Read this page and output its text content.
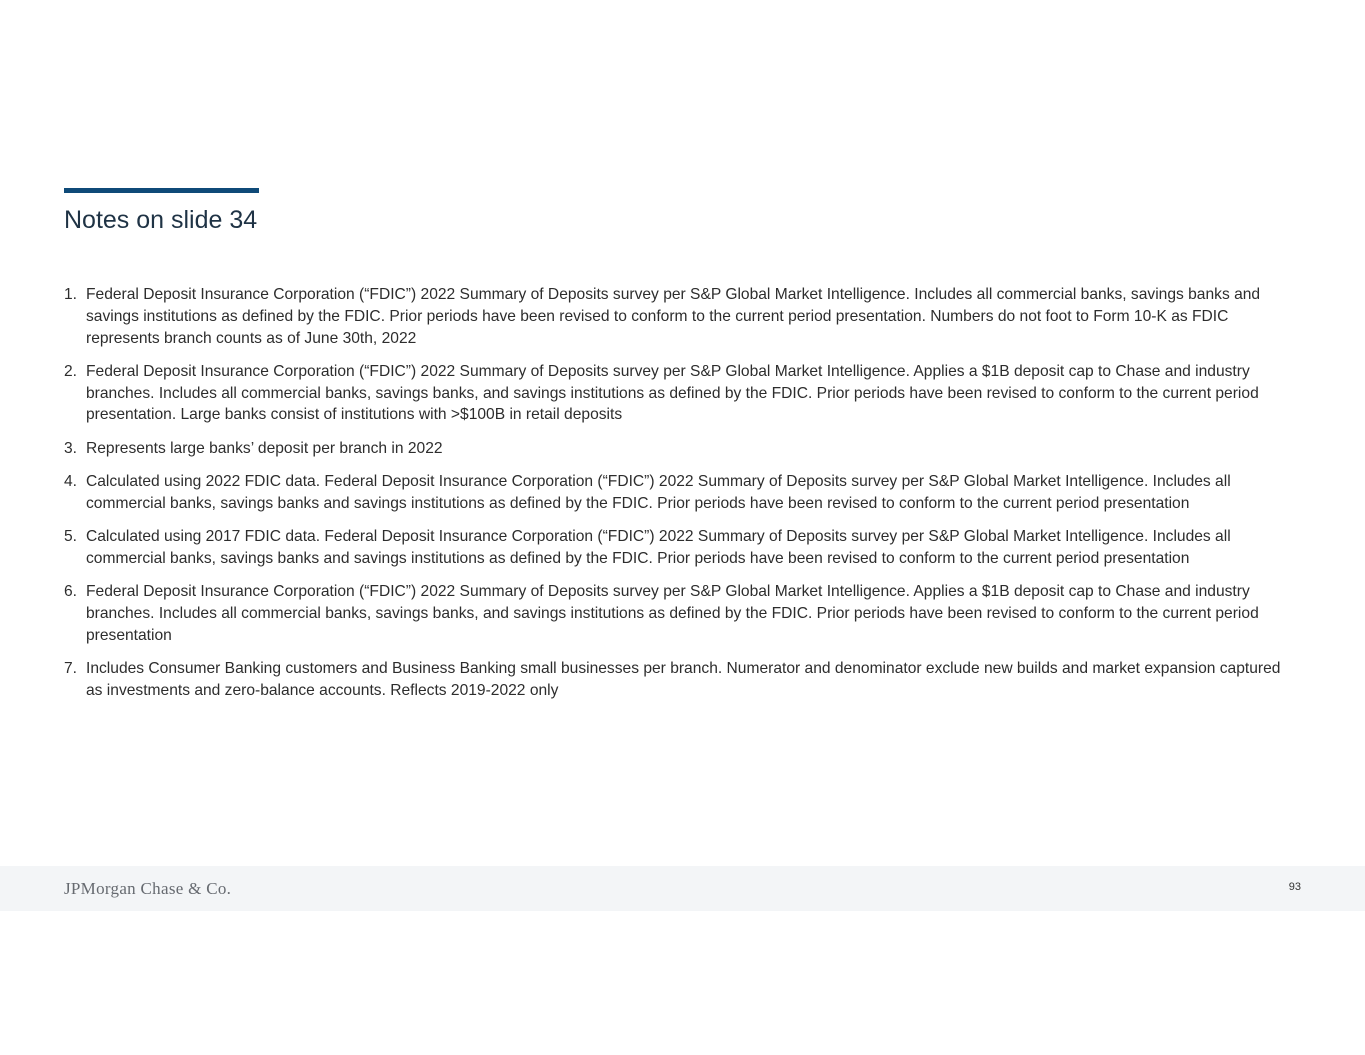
Notes on slide 34
1. Federal Deposit Insurance Corporation (“FDIC”) 2022 Summary of Deposits survey per S&P Global Market Intelligence. Includes all commercial banks, savings banks and savings institutions as defined by the FDIC. Prior periods have been revised to conform to the current period presentation. Numbers do not foot to Form 10-K as FDIC represents branch counts as of June 30th, 2022
2. Federal Deposit Insurance Corporation (“FDIC”) 2022 Summary of Deposits survey per S&P Global Market Intelligence. Applies a $1B deposit cap to Chase and industry branches. Includes all commercial banks, savings banks, and savings institutions as defined by the FDIC. Prior periods have been revised to conform to the current period presentation. Large banks consist of institutions with >$100B in retail deposits
3. Represents large banks’ deposit per branch in 2022
4. Calculated using 2022 FDIC data. Federal Deposit Insurance Corporation (“FDIC”) 2022 Summary of Deposits survey per S&P Global Market Intelligence. Includes all commercial banks, savings banks and savings institutions as defined by the FDIC. Prior periods have been revised to conform to the current period presentation
5. Calculated using 2017 FDIC data. Federal Deposit Insurance Corporation (“FDIC”) 2022 Summary of Deposits survey per S&P Global Market Intelligence. Includes all commercial banks, savings banks and savings institutions as defined by the FDIC. Prior periods have been revised to conform to the current period presentation
6. Federal Deposit Insurance Corporation (“FDIC”) 2022 Summary of Deposits survey per S&P Global Market Intelligence. Applies a $1B deposit cap to Chase and industry branches. Includes all commercial banks, savings banks, and savings institutions as defined by the FDIC. Prior periods have been revised to conform to the current period presentation
7. Includes Consumer Banking customers and Business Banking small businesses per branch. Numerator and denominator exclude new builds and market expansion captured as investments and zero-balance accounts. Reflects 2019-2022 only
JPMorgan Chase & Co.	93
